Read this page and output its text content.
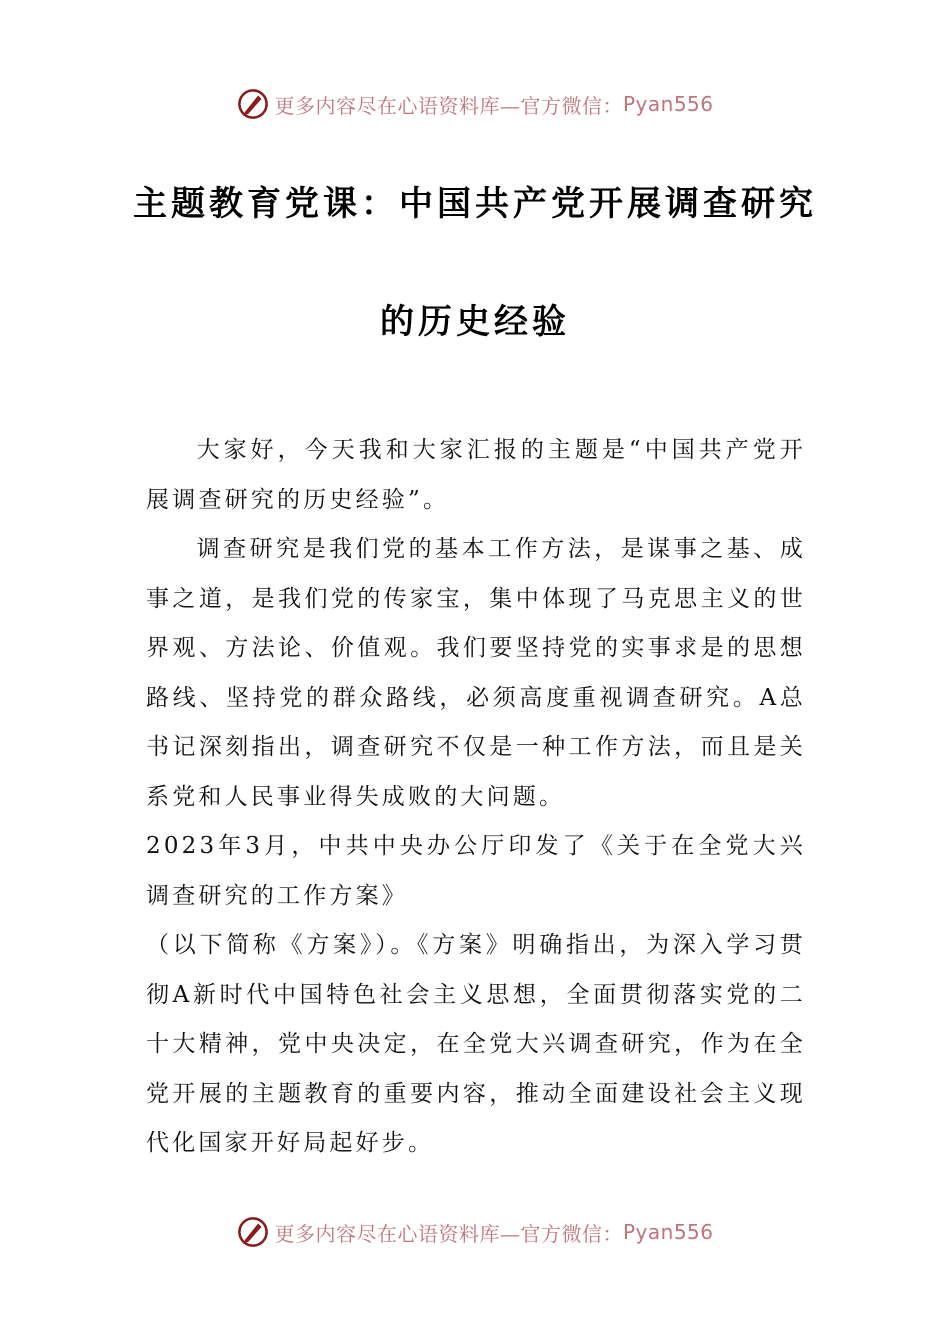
更多内容尽在心语资料库—官方微信： Pyan556
主题教育党课：中国共产党开展调查研究
的历史经验

大家好，今天我和大家汇报的主题是“中国共产党开展调查研究的历史经验”。

调查研究是我们党的基本工作方法，是谋事之基、成事之道，是我们党的传家宝，集中体现了马克思主义的世界观、方法论、价值观。我们要坚持党的实事求是的思想路线、坚持党的群众路线，必须高度重视调查研究。A总书记深刻指出，调查研究不仅是一种工作方法，而且是关系党和人民事业得失成败的大问题。

2023年3月，中共中央办公厅印发了《关于在全党大兴调查研究的工作方案》

（以下简称《方案》）。《方案》明确指出，为深入学习贯彻A新时代中国特色社会主义思想，全面贯彻落实党的二十大精神，党中央决定，在全党大兴调查研究，作为在全党开展的主题教育的重要内容，推动全面建设社会主义现代化国家开好局起好步。

更多内容尽在心语资料库—官方微信： Pyan556
